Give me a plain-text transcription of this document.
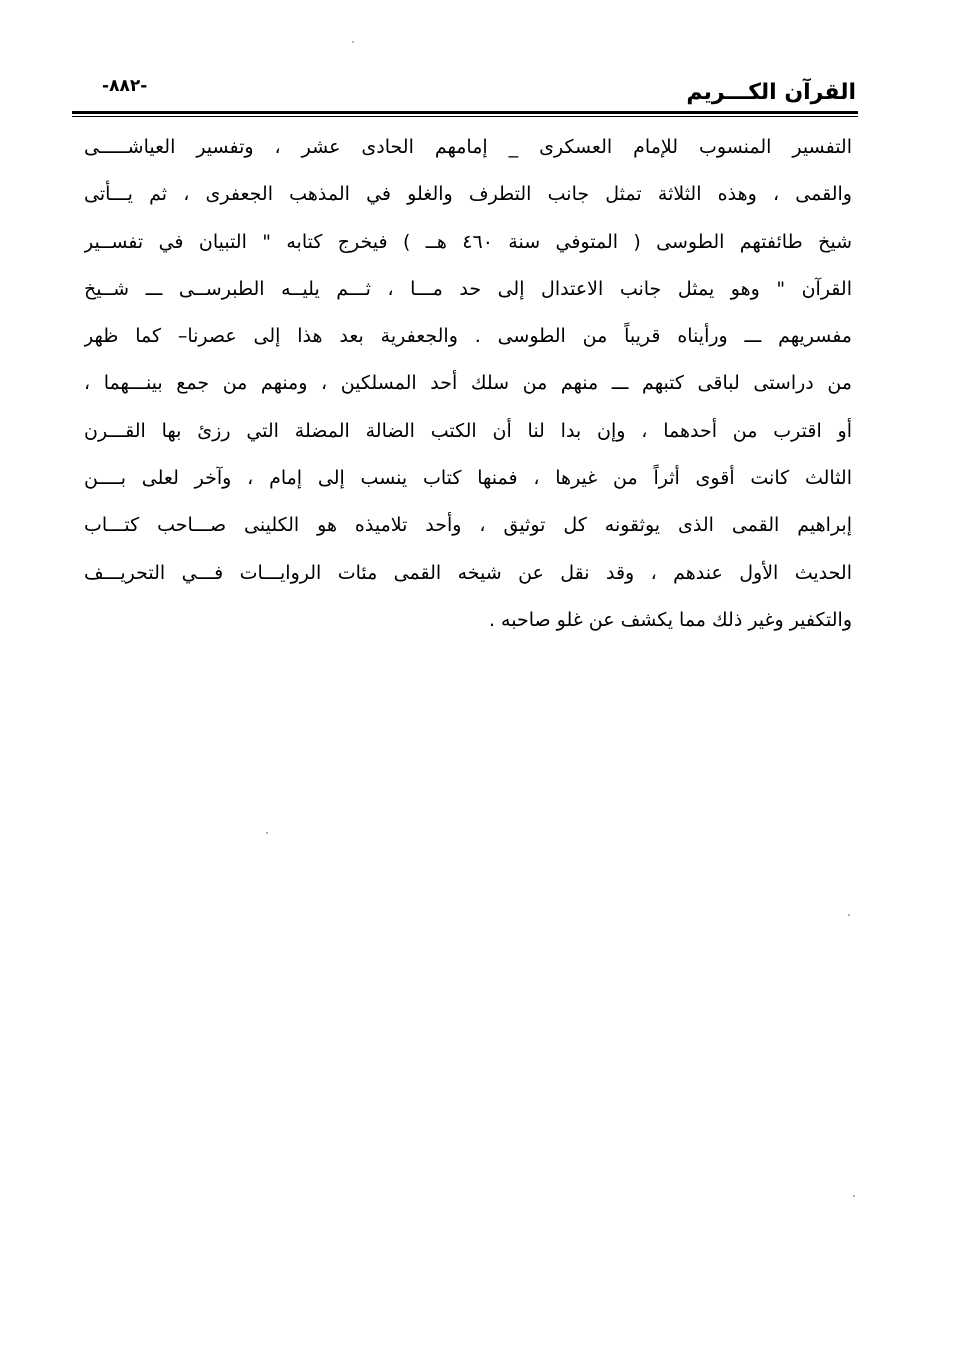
-٨٨٢-	القرآن الكـــريم
التفسير المنسوب للإمام العسكرى _ إمامهم الحادى عشر ، وتفسير العياشـــــى
والقمى ، وهذه الثلاثة تمثل جانب التطرف والغلو في المذهب الجعفرى ، ثم يـــأتى
شيخ طائفتهم الطوسى ( المتوفي سنة ٤٦٠ هــ ) فيخرج كتابه " التبيان في تفســير
القرآن " وهو يمثل جانب الاعتدال إلى حد مـــا ، ثـــم يليــه الطبرســى ـــ شــيخ
مفسريهم ـــ ورأيناه قريباً من الطوسى . والجعفرية بعد هذا إلى عصرنا– كما ظهر
من دراستى لباقى كتبهم ـــ منهم من سلك أحد المسلكين ، ومنهم من جمع بينـــهما ،
أو اقترب من أحدهما ، وإن بدا لنا أن الكتب الضالة المضلة التي رزئ بها القـــرن
الثالث كانت أقوى أثراً من غيرها ، فمنها كتاب ينسب إلى إمام ، وآخر لعلى بــــن
إبراهيم القمى الذى يوثقونه كل توثيق ، وأحد تلاميذه هو الكلينى صـــاحب كتـــاب
الحديث الأول عندهم ، وقد نقل عن شيخه القمى مئات الروايـــات فـــي التحريـــف
والتكفير وغير ذلك مما يكشف عن غلو صاحبه .
